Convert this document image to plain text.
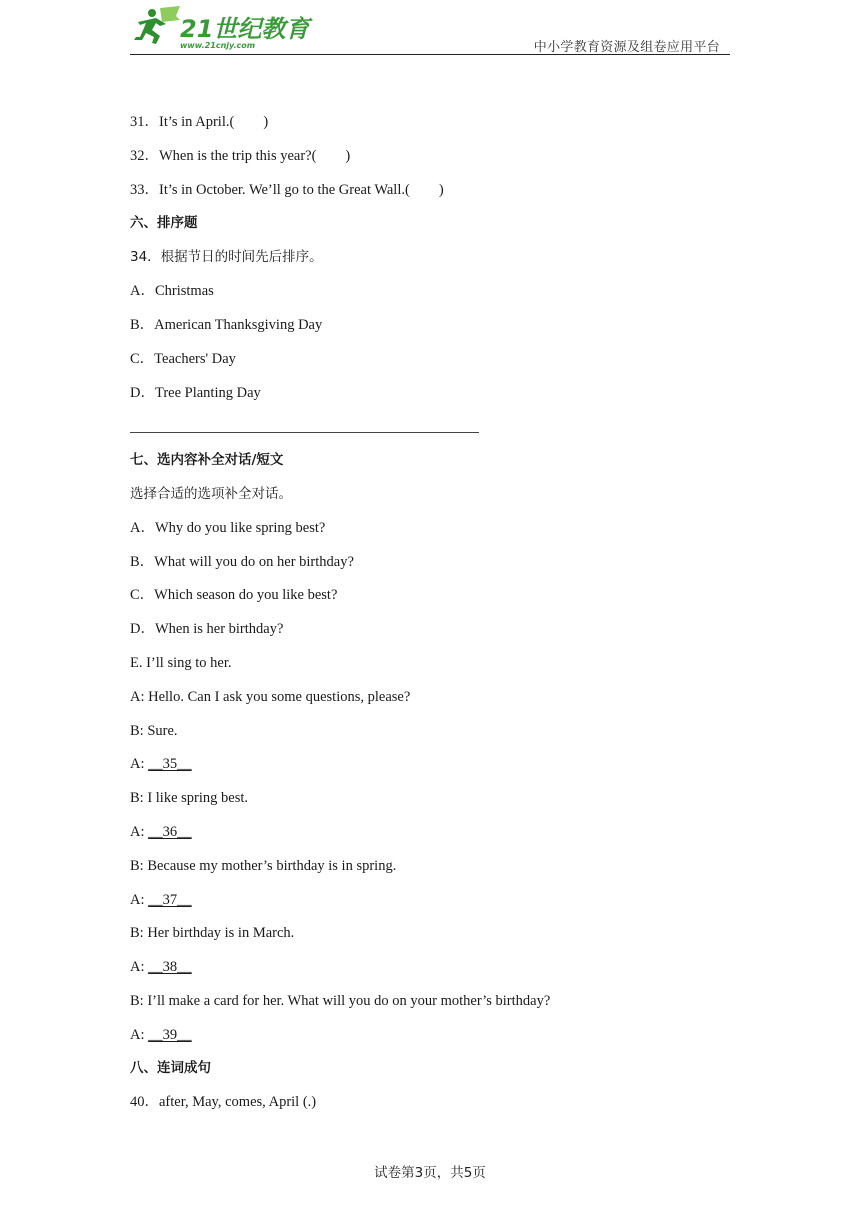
21世纪教育
www.21cnjy.com	中小学教育资源及组卷应用平台
31．It’s in April.(　　)
32．When is the trip this year?(　　)
33．It’s in October. We’ll go to the Great Wall.(　　)
六、排序题
34．根据节日的时间先后排序。
A．Christmas
B．American Thanksgiving Day
C．Teachers' Day
D．Tree Planting Day
七、选内容补全对话/短文
选择合适的选项补全对话。
A．Why do you like spring best?
B．What will you do on her birthday?
C．Which season do you like best?
D．When is her birthday?
E. I’ll sing to her.
A: Hello. Can I ask you some questions, please?
B: Sure.
A: __35__
B: I like spring best.
A: __36__
B: Because my mother’s birthday is in spring.
A: __37__
B: Her birthday is in March.
A: __38__
B: I’ll make a card for her. What will you do on your mother’s birthday?
A: __39__
八、连词成句
40．after, May, comes, April (.)
试卷第3页，共5页
